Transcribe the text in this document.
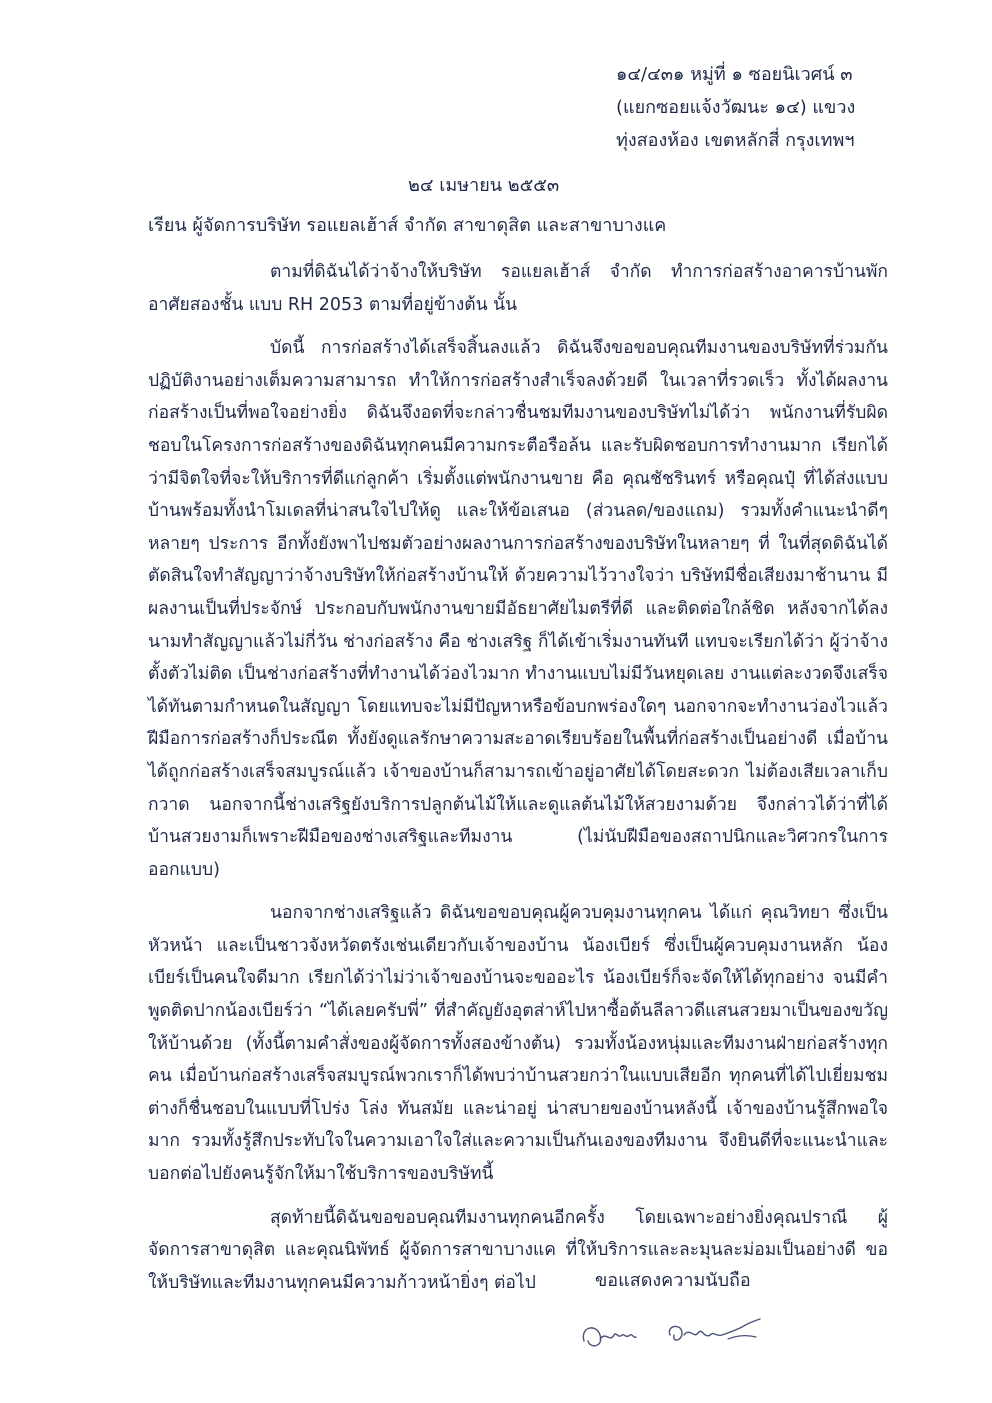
๑๔/๔๓๑ หมู่ที่ ๑ ซอยนิเวศน์ ๓
(แยกซอยแจ้งวัฒนะ ๑๔) แขวง
ทุ่งสองห้อง เขตหลักสี่ กรุงเทพฯ
๒๔ เมษายน ๒๕๕๓
เรียน ผู้จัดการบริษัท รอแยลเฮ้าส์ จำกัด สาขาดุสิต และสาขาบางแค

ตามที่ดิฉันได้ว่าจ้างให้บริษัท รอแยลเฮ้าส์ จำกัด ทำการก่อสร้างอาคารบ้านพักอาศัยสองชั้น แบบ RH 2053 ตามที่อยู่ข้างต้น นั้น

บัดนี้ การก่อสร้างได้เสร็จสิ้นลงแล้ว ดิฉันจึงขอขอบคุณทีมงานของบริษัทที่ร่วมกันปฏิบัติงานอย่างเต็มความสามารถ ทำให้การก่อสร้างสำเร็จลงด้วยดี ในเวลาที่รวดเร็ว ทั้งได้ผลงานก่อสร้างเป็นที่พอใจอย่างยิ่ง ดิฉันจึงอดที่จะกล่าวชื่นชมทีมงานของบริษัทไม่ได้ว่า พนักงานที่รับผิดชอบในโครงการก่อสร้างของดิฉันทุกคนมีความกระตือรือล้น และรับผิดชอบการทำงานมาก เรียกได้ว่ามีจิตใจที่จะให้บริการที่ดีแก่ลูกค้า เริ่มตั้งแต่พนักงานขาย คือ คุณชัชรินทร์ หรือคุณปุ๋ ที่ได้ส่งแบบบ้านพร้อมทั้งนำโมเดลที่น่าสนใจไปให้ดู และให้ข้อเสนอ (ส่วนลด/ของแถม) รวมทั้งคำแนะนำดีๆ หลายๆ ประการ อีกทั้งยังพาไปชมตัวอย่างผลงานการก่อสร้างของบริษัทในหลายๆ ที่ ในที่สุดดิฉันได้ตัดสินใจทำสัญญาว่าจ้างบริษัทให้ก่อสร้างบ้านให้ ด้วยความไว้วางใจว่า บริษัทมีชื่อเสียงมาช้านาน มีผลงานเป็นที่ประจักษ์ ประกอบกับพนักงานขายมีอัธยาศัยไมตรีที่ดี และติดต่อใกล้ชิด หลังจากได้ลงนามทำสัญญาแล้วไม่กี่วัน ช่างก่อสร้าง คือ ช่างเสริฐ ก็ได้เข้าเริ่มงานทันที แทบจะเรียกได้ว่า ผู้ว่าจ้างตั้งตัวไม่ติด เป็นช่างก่อสร้างที่ทำงานได้ว่องไวมาก ทำงานแบบไม่มีวันหยุดเลย งานแต่ละงวดจึงเสร็จได้ทันตามกำหนดในสัญญา โดยแทบจะไม่มีปัญหาหรือข้อบกพร่องใดๆ นอกจากจะทำงานว่องไวแล้ว ฝีมือการก่อสร้างก็ประณีต ทั้งยังดูแลรักษาความสะอาดเรียบร้อยในพื้นที่ก่อสร้างเป็นอย่างดี เมื่อบ้านได้ถูกก่อสร้างเสร็จสมบูรณ์แล้ว เจ้าของบ้านก็สามารถเข้าอยู่อาศัยได้โดยสะดวก ไม่ต้องเสียเวลาเก็บกวาด นอกจากนี้ช่างเสริฐยังบริการปลูกต้นไม้ให้และดูแลต้นไม้ให้สวยงามด้วย จึงกล่าวได้ว่าที่ได้บ้านสวยงามก็เพราะฝีมือของช่างเสริฐและทีมงาน (ไม่นับฝีมือของสถาปนิกและวิศวกรในการออกแบบ)

นอกจากช่างเสริฐแล้ว ดิฉันขอขอบคุณผู้ควบคุมงานทุกคน ได้แก่ คุณวิทยา ซึ่งเป็นหัวหน้า และเป็นชาวจังหวัดตรังเช่นเดียวกับเจ้าของบ้าน น้องเบียร์ ซึ่งเป็นผู้ควบคุมงานหลัก น้องเบียร์เป็นคนใจดีมาก เรียกได้ว่าไม่ว่าเจ้าของบ้านจะขออะไร น้องเบียร์ก็จะจัดให้ได้ทุกอย่าง จนมีคำพูดติดปากน้องเบียร์ว่า “ได้เลยครับพี่” ที่สำคัญยังอุตส่าห์ไปหาซื้อต้นลีลาวดีแสนสวยมาเป็นของขวัญให้บ้านด้วย (ทั้งนี้ตามคำสั่งของผู้จัดการทั้งสองข้างต้น) รวมทั้งน้องหนุ่มและทีมงานฝ่ายก่อสร้างทุกคน เมื่อบ้านก่อสร้างเสร็จสมบูรณ์พวกเราก็ได้พบว่าบ้านสวยกว่าในแบบเสียอีก ทุกคนที่ได้ไปเยี่ยมชมต่างก็ชื่นชอบในแบบที่โปร่ง โล่ง ทันสมัย และน่าอยู่ น่าสบายของบ้านหลังนี้ เจ้าของบ้านรู้สึกพอใจมาก รวมทั้งรู้สึกประทับใจในความเอาใจใส่และความเป็นกันเองของทีมงาน จึงยินดีที่จะแนะนำและบอกต่อไปยังคนรู้จักให้มาใช้บริการของบริษัทนี้

สุดท้ายนี้ดิฉันขอขอบคุณทีมงานทุกคนอีกครั้ง โดยเฉพาะอย่างยิ่งคุณปราณี ผู้จัดการสาขาดุสิต และคุณนิพัทธ์ ผู้จัดการสาขาบางแค ที่ให้บริการและละมุนละม่อมเป็นอย่างดี ขอให้บริษัทและทีมงานทุกคนมีความก้าวหน้ายิ่งๆ ต่อไป	ขอแสดงความนับถือ
